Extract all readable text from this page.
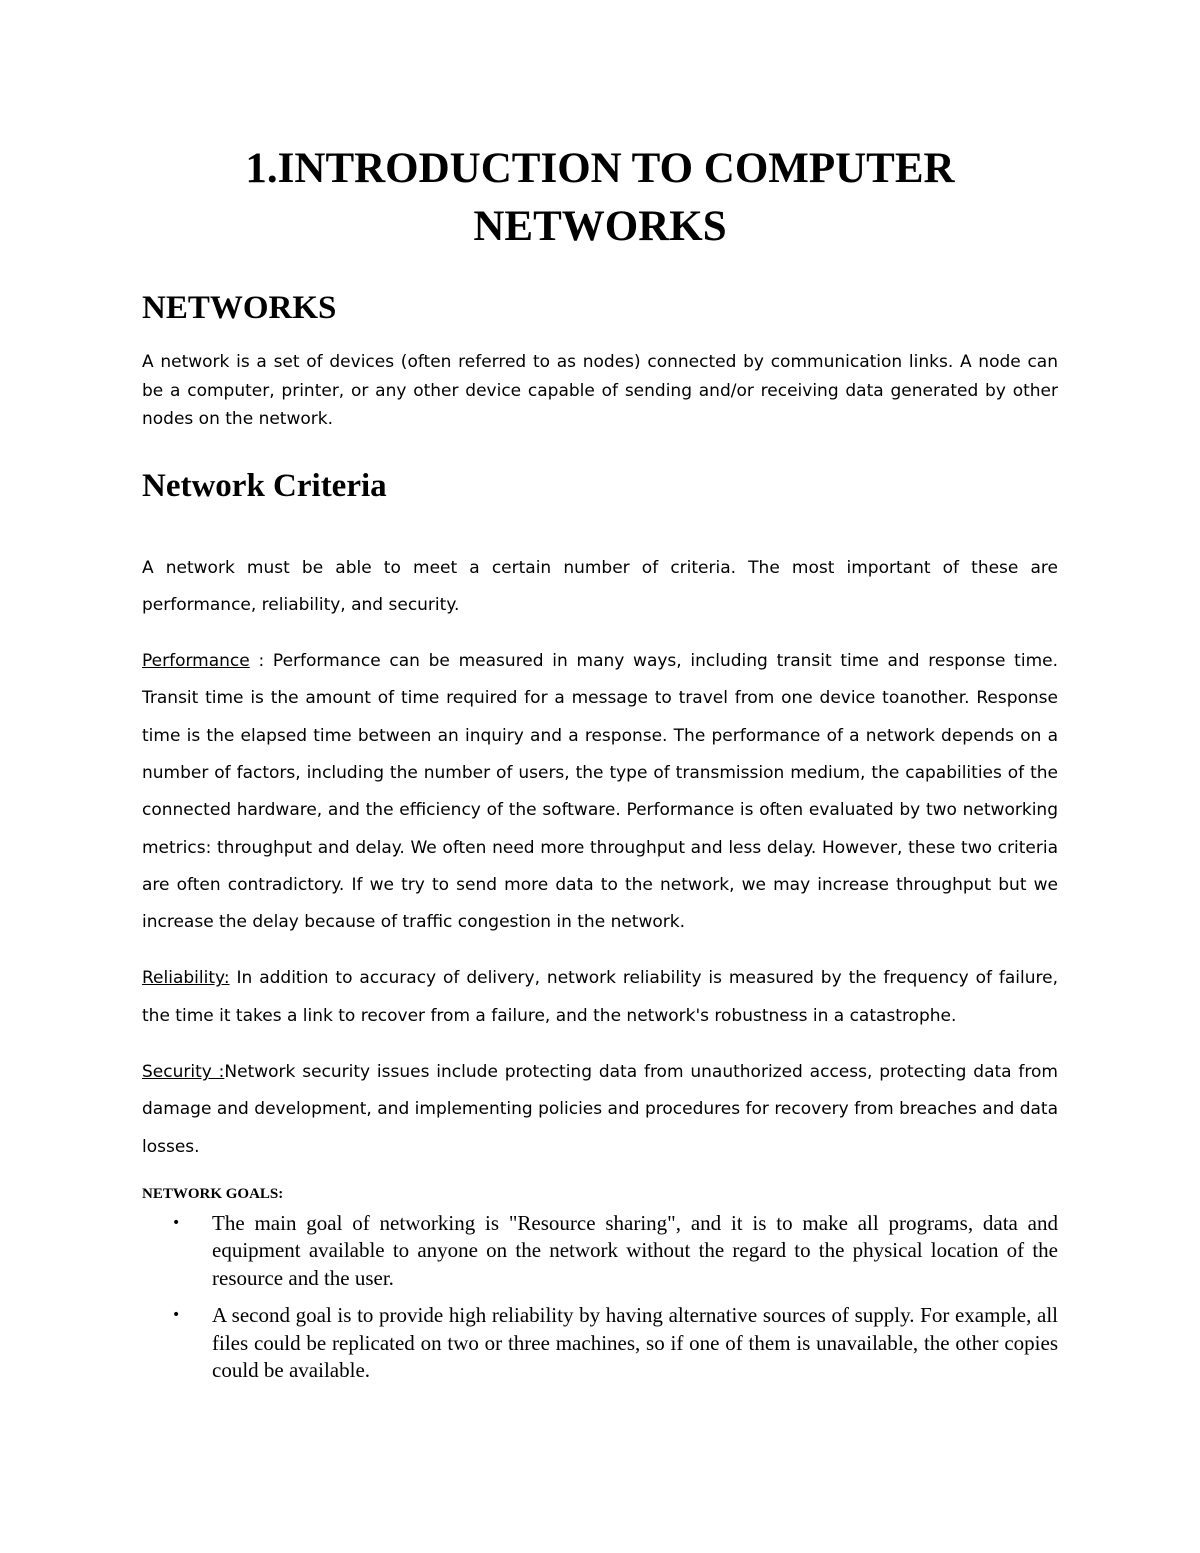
1.INTRODUCTION TO COMPUTER
NETWORKS
NETWORKS

A network is a set of devices (often referred to as nodes) connected by communication links. A node can be a computer, printer, or any other device capable of sending and/or receiving data generated by other nodes on the network.

Network Criteria

A network must be able to meet a certain number of criteria. The most important of these are performance, reliability, and security.

Performance : Performance can be measured in many ways, including transit time and response time. Transit time is the amount of time required for a message to travel from one device toanother. Response time is the elapsed time between an inquiry and a response. The performance of a network depends on a number of factors, including the number of users, the type of transmission medium, the capabilities of the connected hardware, and the efficiency of the software. Performance is often evaluated by two networking metrics: throughput and delay. We often need more throughput and less delay. However, these two criteria are often contradictory. If we try to send more data to the network, we may increase throughput but we increase the delay because of traffic congestion in the network.

Reliability: In addition to accuracy of delivery, network reliability is measured by the frequency of failure, the time it takes a link to recover from a failure, and the network's robustness in a catastrophe.

Security :Network security issues include protecting data from unauthorized access, protecting data from damage and development, and implementing policies and procedures for recovery from breaches and data losses.

NETWORK GOALS:

• The main goal of networking is "Resource sharing", and it is to make all programs, data and equipment available to anyone on the network without the regard to the physical location of the resource and the user.
• A second goal is to provide high reliability by having alternative sources of supply. For example, all files could be replicated on two or three machines, so if one of them is unavailable, the other copies could be available.
